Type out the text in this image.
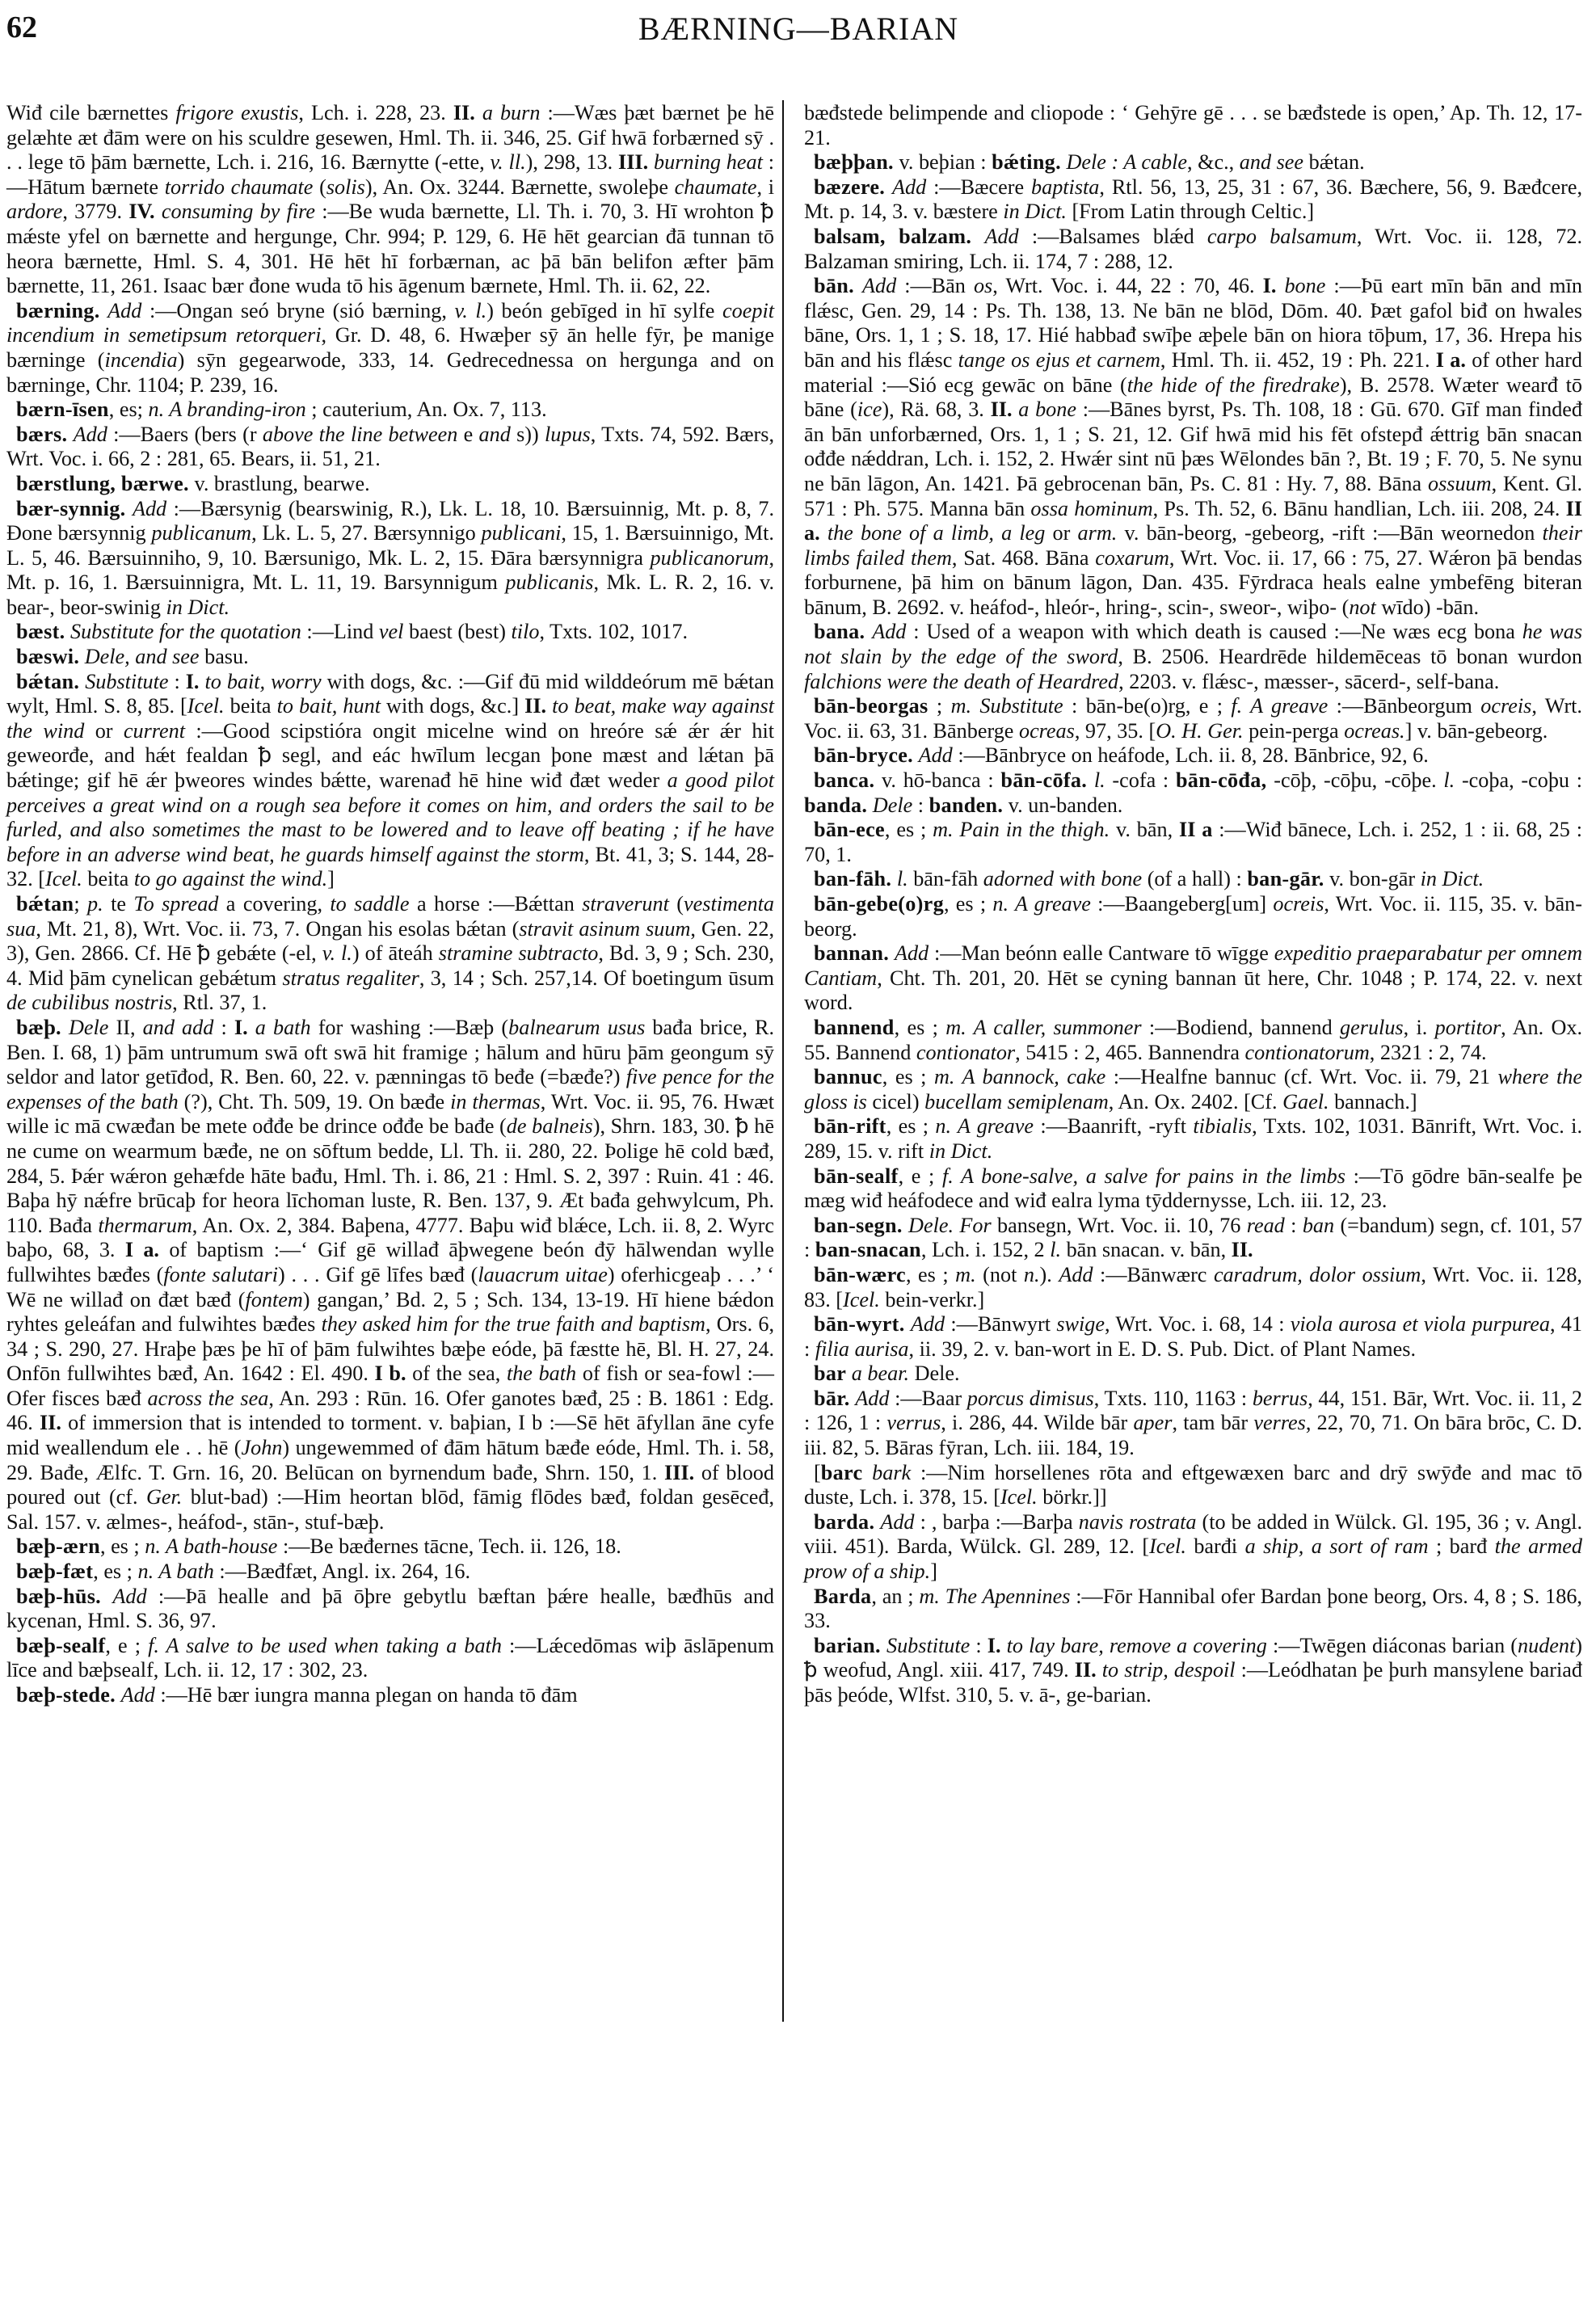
62	BÆRNING—BARIAN

Wiđ cile bærnettes frigore exustis, Lch. i. 228, 23. II. a burn :—Wæs þæt bærnet þe hē gelæhte æt đām were on his sculdre gesewen, Hml. Th. ii. 346, 25. Gif hwā forbærned sȳ . . . lege tō þām bærnette, Lch. i. 216, 16. Bærnytte (-ette, v. ll.), 298, 13. III. burning heat :—Hātum bærnete torrido chaumate (solis), An. Ox. 3244. Bærnette, swoleþe chaumate, i ardore, 3779. IV. consuming by fire :—Be wuda bærnette, Ll. Th. i. 70, 3. Hī wrohton ꝥ mǽste yfel on bærnette and hergunge, Chr. 994; P. 129, 6. Hē hēt gearcian đā tunnan tō heora bærnette, Hml. S. 4, 301. Hē hēt hī forbærnan, ac þā bān belifon æfter þām bærnette, 11, 261. Isaac bær đone wuda tō his āgenum bærnete, Hml. Th. ii. 62, 22.

bærning. Add :—Ongan seó bryne (sió bærning, v. l.) beón gebīged in hī sylfe coepit incendium in semetipsum retorqueri, Gr. D. 48, 6. Hwæþer sȳ ān helle fȳr, þe manige bærninge (incendia) sȳn gegearwode, 333, 14. Gedrecednessa on hergunga and on bærninge, Chr. 1104; P. 239, 16.

bærn-īsen, es; n. A branding-iron ; cauterium, An. Ox. 7, 113.

bærs. Add :—Baers (bers (r above the line between e and s)) lupus, Txts. 74, 592. Bærs, Wrt. Voc. i. 66, 2 : 281, 65. Bears, ii. 51, 21.

bærstlung, bærwe. v. brastlung, bearwe.

bær-synnig. Add :—Bærsynig (bearswinig, R.), Lk. L. 18, 10. Bærsuinnig, Mt. p. 8, 7. Đone bærsynnig publicanum, Lk. L. 5, 27. Bærsynnigo publicani, 15, 1. Bærsuinnigo, Mt. L. 5, 46. Bærsuinniho, 9, 10. Bærsunigo, Mk. L. 2, 15. Đāra bærsynnigra publicanorum, Mt. p. 16, 1. Bærsuinnigra, Mt. L. 11, 19. Barsynnigum publicanis, Mk. L. R. 2, 16. v. bear-, beor-swinig in Dict.

bæst. Substitute for the quotation :—Lind vel baest (best) tilo, Txts. 102, 1017.

bæswi. Dele, and see basu.

bǽtan. Substitute : I. to bait, worry with dogs, &c. :—Gif đū mid wilddeórum mē bǽtan wylt, Hml. S. 8, 85. [Icel. beita to bait, hunt with dogs, &c.] II. to beat, make way against the wind or current :—Good scipstióra ongit micelne wind on hreóre sǽ ǽr ǽr hit geweorđe, and hǽt fealdan ꝥ segl, and eác hwīlum lecgan þone mæst and lǽtan þā bǽtinge; gif hē ǽr þweores windes bǽtte, warenađ hē hine wiđ đæt weder a good pilot perceives a great wind on a rough sea before it comes on him, and orders the sail to be furled, and also sometimes the mast to be lowered and to leave off beating ; if he have before in an adverse wind beat, he guards himself against the storm, Bt. 41, 3; S. 144, 28-32. [Icel. beita to go against the wind.]

bǽtan; p. te To spread a covering, to saddle a horse :—Bǽttan straverunt (vestimenta sua, Mt. 21, 8), Wrt. Voc. ii. 73, 7. Ongan his esolas bǽtan (stravit asinum suum, Gen. 22, 3), Gen. 2866. Cf. Hē ꝥ gebǽte (-el, v. l.) of āteáh stramine subtracto, Bd. 3, 9 ; Sch. 230, 4. Mid þām cynelican gebǽtum stratus regaliter, 3, 14 ; Sch. 257,14. Of boetingum ūsum de cubilibus nostris, Rtl. 37, 1.

bæþ. Dele II, and add : I. a bath for washing :—Bæþ (balnearum usus bađa brice, R. Ben. I. 68, 1) þām untrumum swā oft swā hit framige ; hālum and hūru þām geongum sȳ seldor and lator getīđod, R. Ben. 60, 22. v. pænningas tō beđe (=bæđe?) five pence for the expenses of the bath (?), Cht. Th. 509, 19. On bæđe in thermas, Wrt. Voc. ii. 95, 76. Hwæt wille ic mā cwæđan be mete ođđe be drince ođđe be bađe (de balneis), Shrn. 183, 30. ꝥ hē ne cume on wearmum bæđe, ne on sōftum bedde, Ll. Th. ii. 280, 22. Þolige hē cold bæđ, 284, 5. Þǽr wǽron gehæfde hāte bađu, Hml. Th. i. 86, 21 : Hml. S. 2, 397 : Ruin. 41 : 46. Baþa hȳ nǽfre brūcaþ for heora līchoman luste, R. Ben. 137, 9. Æt bađa gehwylcum, Ph. 110. Bađa thermarum, An. Ox. 2, 384. Baþena, 4777. Baþu wiđ blǽce, Lch. ii. 8, 2. Wyrc baþo, 68, 3. I a. of baptism :—‘ Gif gē willađ āþwegene beón đȳ hālwendan wylle fullwihtes bæđes (fonte salutari) . . . Gif gē līfes bæđ (lauacrum uitae) oferhicgeaþ . . .’ ‘ Wē ne willađ on đæt bæđ (fontem) gangan,’ Bd. 2, 5 ; Sch. 134, 13-19. Hī hiene bǽdon ryhtes geleáfan and fulwihtes bæđes they asked him for the true faith and baptism, Ors. 6, 34 ; S. 290, 27. Hraþe þæs þe hī of þām fulwihtes bæþe eóde, þā fæstte hē, Bl. H. 27, 24. Onfōn fullwihtes bæđ, An. 1642 : El. 490. I b. of the sea, the bath of fish or sea-fowl :—Ofer fisces bæđ across the sea, An. 293 : Rūn. 16. Ofer ganotes bæđ, 25 : B. 1861 : Edg. 46. II. of immersion that is intended to torment. v. baþian, I b :—Sē hēt āfyllan āne cyfe mid weallendum ele . . hē (John) ungewemmed of đām hātum bæđe eóde, Hml. Th. i. 58, 29. Bađe, Ælfc. T. Grn. 16, 20. Belūcan on byrnendum bađe, Shrn. 150, 1. III. of blood poured out (cf. Ger. blut-bad) :—Him heortan blōd, fāmig flōdes bæđ, foldan gesēceđ, Sal. 157. v. ælmes-, heáfod-, stān-, stuf-bæþ.

bæþ-ærn, es ; n. A bath-house :—Be bæđernes tācne, Tech. ii. 126, 18.

bæþ-fæt, es ; n. A bath :—Bæđfæt, Angl. ix. 264, 16.

bæþ-hūs. Add :—Þā healle and þā ōþre gebytlu bæftan þǽre healle, bæđhūs and kycenan, Hml. S. 36, 97.

bæþ-sealf, e ; f. A salve to be used when taking a bath :—Lǽcedōmas wiþ āslāpenum līce and bæþsealf, Lch. ii. 12, 17 : 302, 23.

bæþ-stede. Add :—Hē bær iungra manna plegan on handa tō đām

bæđstede belimpende and cliopode : ‘ Gehȳre gē . . . se bæđstede is open,’ Ap. Th. 12, 17-21.

bæþþan. v. beþian : bǽting. Dele : A cable, &c., and see bǽtan.

bæzere. Add :—Bæcere baptista, Rtl. 56, 13, 25, 31 : 67, 36. Bæchere, 56, 9. Bæđcere, Mt. p. 14, 3. v. bæstere in Dict. [From Latin through Celtic.]

balsam, balzam. Add :—Balsames blǽd carpo balsamum, Wrt. Voc. ii. 128, 72. Balzaman smiring, Lch. ii. 174, 7 : 288, 12.

bān. Add :—Bān os, Wrt. Voc. i. 44, 22 : 70, 46. I. bone :—Þū eart mīn bān and mīn flǽsc, Gen. 29, 14 : Ps. Th. 138, 13. Ne bān ne blōd, Dōm. 40. Þæt gafol biđ on hwales bāne, Ors. 1, 1 ; S. 18, 17. Hié habbađ swīþe æþele bān on hiora tōþum, 17, 36. Hrepa his bān and his flǽsc tange os ejus et carnem, Hml. Th. ii. 452, 19 : Ph. 221. I a. of other hard material :—Sió ecg gewāc on bāne (the hide of the firedrake), B. 2578. Wæter wearđ tō bāne (ice), Rä. 68, 3. II. a bone :—Bānes byrst, Ps. Th. 108, 18 : Gū. 670. Gīf man findeđ ān bān unforbærned, Ors. 1, 1 ; S. 21, 12. Gif hwā mid his fēt ofstepđ ǽttrig bān snacan ođđe nǽddran, Lch. i. 152, 2. Hwǽr sint nū þæs Wēlondes bān ?, Bt. 19 ; F. 70, 5. Ne synu ne bān lāgon, An. 1421. Þā gebrocenan bān, Ps. C. 81 : Hy. 7, 88. Bāna ossuum, Kent. Gl. 571 : Ph. 575. Manna bān ossa hominum, Ps. Th. 52, 6. Bānu handlian, Lch. iii. 208, 24. II a. the bone of a limb, a leg or arm. v. bān-beorg, -gebeorg, -rift :—Bān weornedon their limbs failed them, Sat. 468. Bāna coxarum, Wrt. Voc. ii. 17, 66 : 75, 27. Wǽron þā bendas forburnene, þā him on bānum lāgon, Dan. 435. Fȳrdraca heals ealne ymbefēng biteran bānum, B. 2692. v. heáfod-, hleór-, hring-, scin-, sweor-, wiþo- (not wīdo) -bān.

bana. Add : Used of a weapon with which death is caused :—Ne wæs ecg bona he was not slain by the edge of the sword, B. 2506. Heardrēde hildemēceas tō bonan wurdon falchions were the death of Heardred, 2203. v. flǽsc-, mæsser-, sācerd-, self-bana.

bān-beorgas ; m. Substitute : bān-be(o)rg, e ; f. A greave :—Bānbeorgum ocreis, Wrt. Voc. ii. 63, 31. Bānberge ocreas, 97, 35. [O. H. Ger. pein-perga ocreas.] v. bān-gebeorg.

bān-bryce. Add :—Bānbryce on heáfode, Lch. ii. 8, 28. Bānbrice, 92, 6.

banca. v. hō-banca : bān-cōfa. l. -cofa : bān-cōđa, -cōþ, -cōþu, -cōþe. l. -coþa, -coþu : banda. Dele : banden. v. un-banden.

bān-ece, es ; m. Pain in the thigh. v. bān, II a :—Wiđ bānece, Lch. i. 252, 1 : ii. 68, 25 : 70, 1.

ban-fāh. l. bān-fāh adorned with bone (of a hall) : ban-gār. v. bon-gār in Dict.

bān-gebe(o)rg, es ; n. A greave :—Baangeberg[um] ocreis, Wrt. Voc. ii. 115, 35. v. bān-beorg.

bannan. Add :—Man beónn ealle Cantware tō wīgge expeditio praeparabatur per omnem Cantiam, Cht. Th. 201, 20. Hēt se cyning bannan ūt here, Chr. 1048 ; P. 174, 22. v. next word.

bannend, es ; m. A caller, summoner :—Bodiend, bannend gerulus, i. portitor, An. Ox. 55. Bannend contionator, 5415 : 2, 465. Bannendra contionatorum, 2321 : 2, 74.

bannuc, es ; m. A bannock, cake :—Healfne bannuc (cf. Wrt. Voc. ii. 79, 21 where the gloss is cicel) bucellam semiplenam, An. Ox. 2402. [Cf. Gael. bannach.]

bān-rift, es ; n. A greave :—Baanrift, -ryft tibialis, Txts. 102, 1031. Bānrift, Wrt. Voc. i. 289, 15. v. rift in Dict.

bān-sealf, e ; f. A bone-salve, a salve for pains in the limbs :—Tō gōdre bān-sealfe þe mæg wiđ heáfodece and wiđ ealra lyma tȳddernysse, Lch. iii. 12, 23.

ban-segn. Dele. For bansegn, Wrt. Voc. ii. 10, 76 read : ban (=bandum) segn, cf. 101, 57 : ban-snacan, Lch. i. 152, 2 l. bān snacan. v. bān, II.

bān-wærc, es ; m. (not n.). Add :—Bānwærc caradrum, dolor ossium, Wrt. Voc. ii. 128, 83. [Icel. bein-verkr.]

bān-wyrt. Add :—Bānwyrt swige, Wrt. Voc. i. 68, 14 : viola aurosa et viola purpurea, 41 : filia aurisa, ii. 39, 2. v. ban-wort in E. D. S. Pub. Dict. of Plant Names.

bar a bear. Dele.

bār. Add :—Baar porcus dimisus, Txts. 110, 1163 : berrus, 44, 151. Bār, Wrt. Voc. ii. 11, 2 : 126, 1 : verrus, i. 286, 44. Wilde bār aper, tam bār verres, 22, 70, 71. On bāra brōc, C. D. iii. 82, 5. Bāras fȳran, Lch. iii. 184, 19.

[barc bark :—Nim horsellenes rōta and eftgewæxen barc and drȳ swȳđe and mac tō duste, Lch. i. 378, 15. [Icel. börkr.]]

barda. Add : , barþa :—Barþa navis rostrata (to be added in Wülck. Gl. 195, 36 ; v. Angl. viii. 451). Barda, Wülck. Gl. 289, 12. [Icel. barđi a ship, a sort of ram ; barđ the armed prow of a ship.]

Barda, an ; m. The Apennines :—Fōr Hannibal ofer Bardan þone beorg, Ors. 4, 8 ; S. 186, 33.

barian. Substitute : I. to lay bare, remove a covering :—Twēgen diáconas barian (nudent) ꝥ weofud, Angl. xiii. 417, 749. II. to strip, despoil :—Leódhatan þe þurh mansylene bariađ þās þeóde, Wlfst. 310, 5. v. ā-, ge-barian.
